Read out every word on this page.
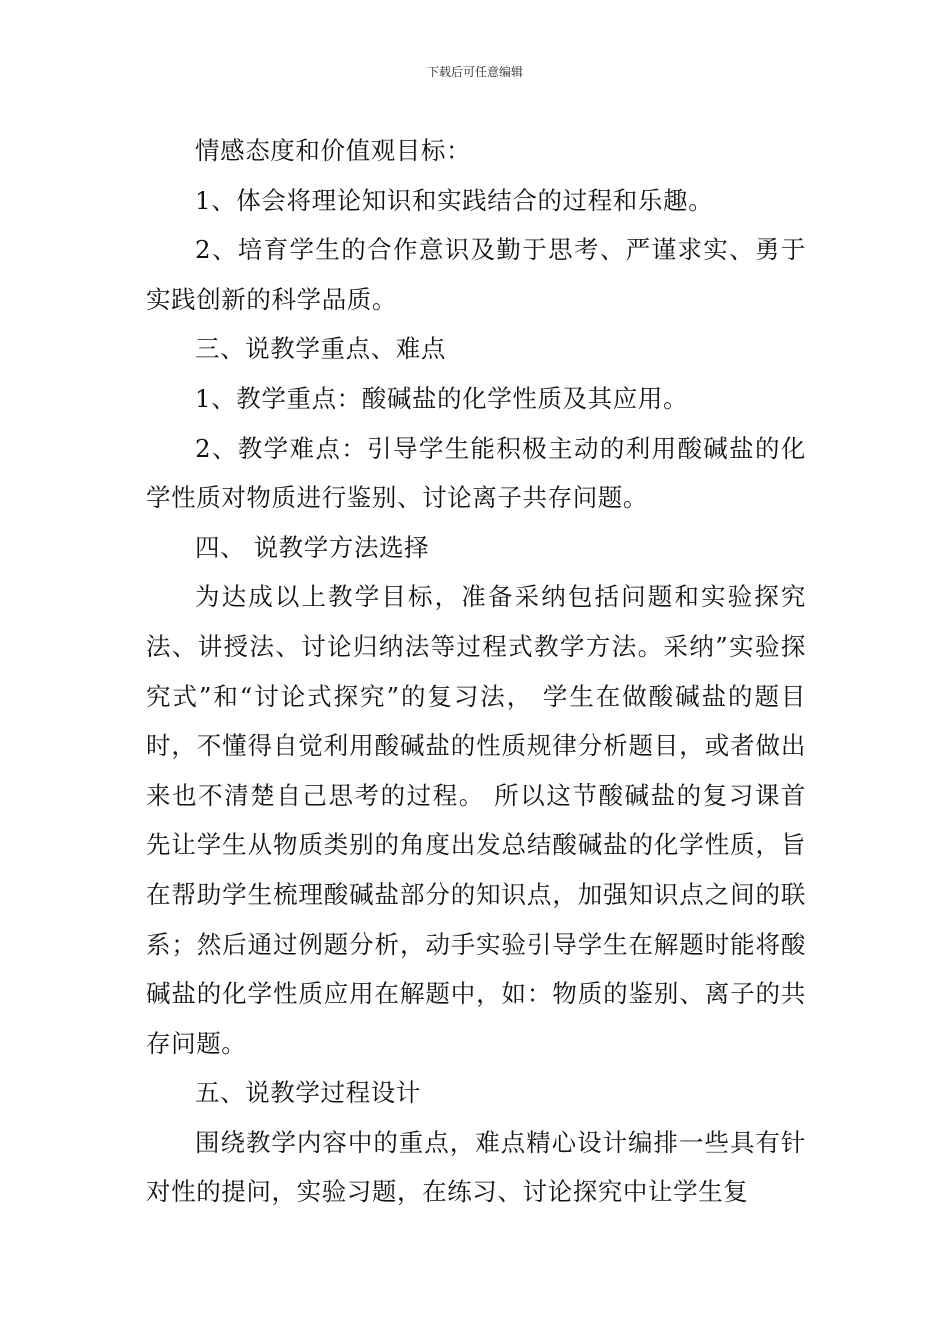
下载后可任意编辑

情感态度和价值观目标：

1、体会将理论知识和实践结合的过程和乐趣。

2、培育学生的合作意识及勤于思考、严谨求实、勇于实践创新的科学品质。

三、说教学重点、难点

1、教学重点：酸碱盐的化学性质及其应用。

2、教学难点：引导学生能积极主动的利用酸碱盐的化学性质对物质进行鉴别、讨论离子共存问题。

四、 说教学方法选择

为达成以上教学目标，准备采纳包括问题和实验探究法、讲授法、讨论归纳法等过程式教学方法。采纳”实验探究式”和“讨论式探究”的复习法， 学生在做酸碱盐的题目时，不懂得自觉利用酸碱盐的性质规律分析题目，或者做出来也不清楚自己思考的过程。 所以这节酸碱盐的复习课首先让学生从物质类别的角度出发总结酸碱盐的化学性质，旨在帮助学生梳理酸碱盐部分的知识点，加强知识点之间的联系；然后通过例题分析，动手实验引导学生在解题时能将酸碱盐的化学性质应用在解题中，如：物质的鉴别、离子的共存问题。

五、说教学过程设计

围绕教学内容中的重点，难点精心设计编排一些具有针对性的提问，实验习题，在练习、讨论探究中让学生复
